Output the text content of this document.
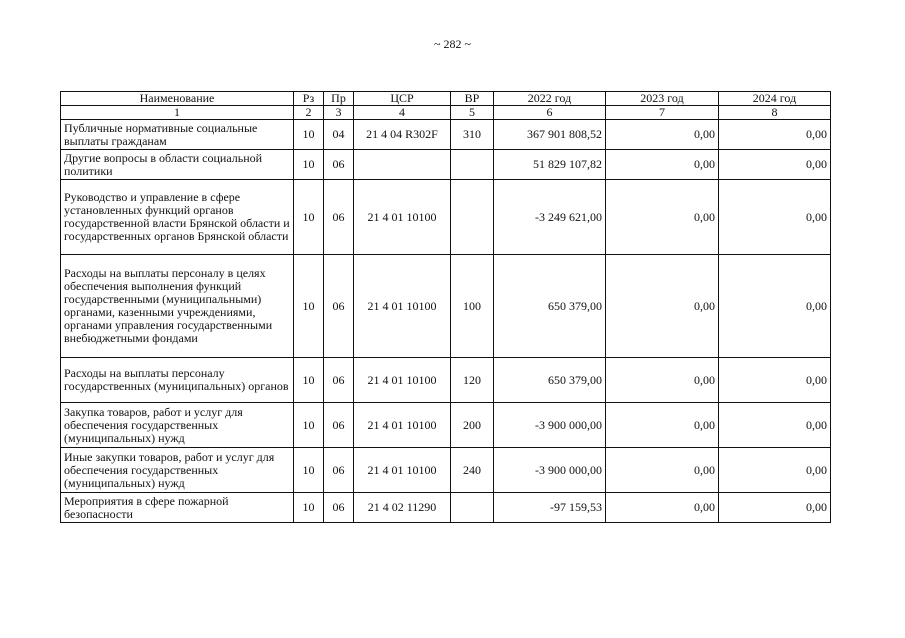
~ 282 ~
Наименование	Рз	Пр	ЦСР	ВР	2022 год	2023 год	2024 год
1	2	3	4	5	6	7	8
Публичные нормативные социальные выплаты гражданам	10	04	21 4 04 R302F	310	367 901 808,52	0,00	0,00
Другие вопросы в области социальной политики	10	06			51 829 107,82	0,00	0,00
Руководство и управление в сфере установленных функций органов государственной власти Брянской области и государственных органов Брянской области	10	06	21 4 01 10100		-3 249 621,00	0,00	0,00
Расходы на выплаты персоналу в целях обеспечения выполнения функций государственными (муниципальными) органами, казенными учреждениями, органами управления государственными внебюджетными фондами	10	06	21 4 01 10100	100	650 379,00	0,00	0,00
Расходы на выплаты персоналу государственных (муниципальных) органов	10	06	21 4 01 10100	120	650 379,00	0,00	0,00
Закупка товаров, работ и услуг для обеспечения государственных (муниципальных) нужд	10	06	21 4 01 10100	200	-3 900 000,00	0,00	0,00
Иные закупки товаров, работ и услуг для обеспечения государственных (муниципальных) нужд	10	06	21 4 01 10100	240	-3 900 000,00	0,00	0,00
Мероприятия в сфере пожарной безопасности	10	06	21 4 02 11290		-97 159,53	0,00	0,00
